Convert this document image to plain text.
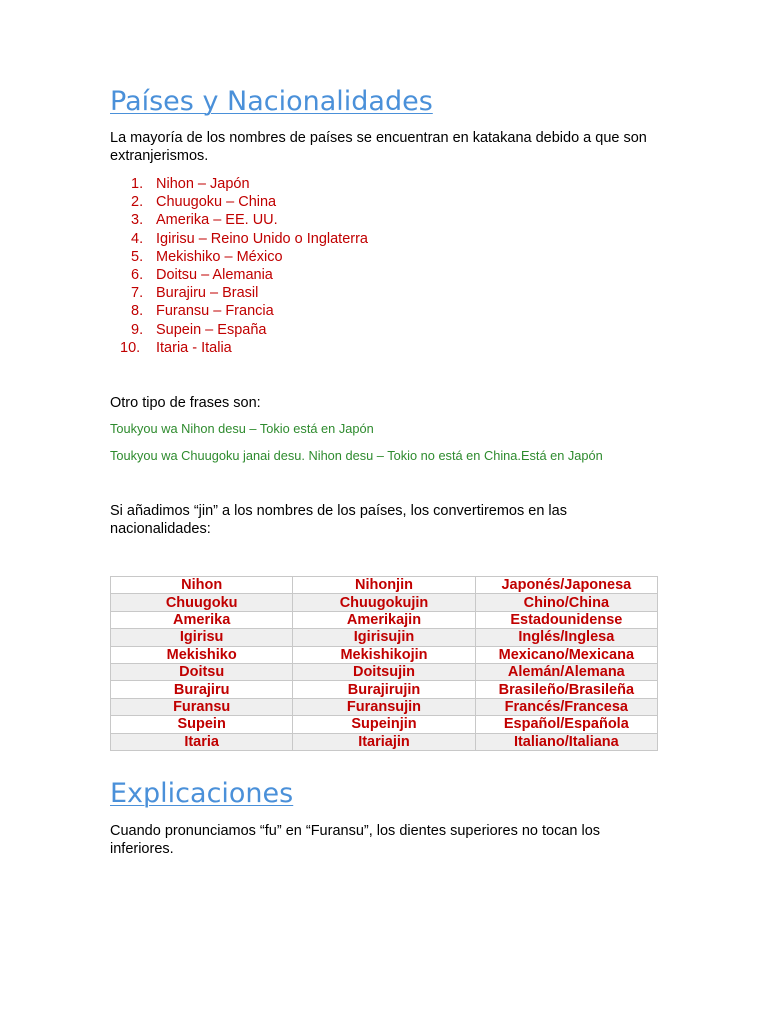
Países y Nacionalidades

La mayoría de los nombres de países se encuentran en katakana debido a que son extranjerismos.

1. Nihon – Japón
2. Chuugoku – China
3. Amerika – EE. UU.
4. Igirisu – Reino Unido o Inglaterra
5. Mekishiko – México
6. Doitsu – Alemania
7. Burajiru – Brasil
8. Furansu – Francia
9. Supein – España
10. Itaria - Italia

Otro tipo de frases son:

Toukyou wa Nihon desu – Tokio está en Japón

Toukyou wa Chuugoku janai desu. Nihon desu – Tokio no está en China.Está en Japón

Si añadimos “jin” a los nombres de los países, los convertiremos en las nacionalidades:

Nihon	Nihonjin	Japonés/Japonesa
Chuugoku	Chuugokujin	Chino/China
Amerika	Amerikajin	Estadounidense
Igirisu	Igirisujin	Inglés/Inglesa
Mekishiko	Mekishikojin	Mexicano/Mexicana
Doitsu	Doitsujin	Alemán/Alemana
Burajiru	Burajirujin	Brasileño/Brasileña
Furansu	Furansujin	Francés/Francesa
Supein	Supeinjin	Español/Española
Itaria	Itariajin	Italiano/Italiana
Explicaciones

Cuando pronunciamos “fu” en “Furansu”, los dientes superiores no tocan los inferiores.
